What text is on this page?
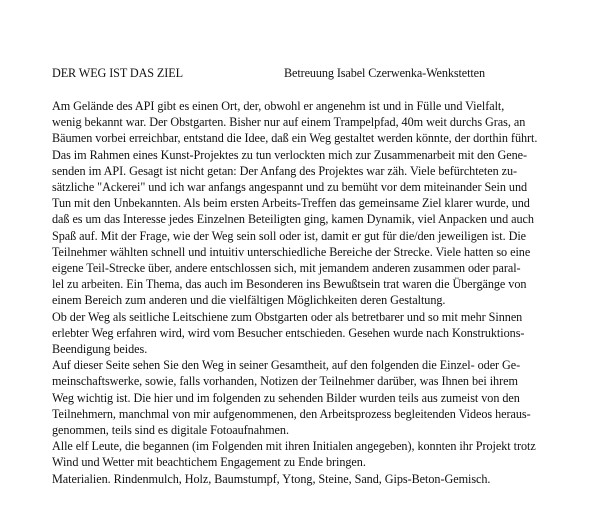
DER WEG IST DAS ZIEL	Betreuung Isabel Czerwenka-Wenkstetten
Am Gelände des API gibt es einen Ort, der, obwohl er angenehm ist und in Fülle und Vielfalt,
wenig bekannt war. Der Obstgarten. Bisher nur auf einem Trampelpfad, 40m weit durchs Gras, an
Bäumen vorbei erreichbar, entstand die Idee, daß ein Weg gestaltet werden könnte, der dorthin führt.
Das im Rahmen eines Kunst-Projektes zu tun verlockten mich zur Zusammenarbeit mit den Gene-
senden im API. Gesagt ist nicht getan: Der Anfang des Projektes war zäh. Viele befürchteten zu-
sätzliche "Ackerei" und ich war anfangs angespannt und zu bemüht vor dem miteinander Sein und
Tun mit den Unbekannten. Als beim ersten Arbeits-Treffen das gemeinsame Ziel klarer wurde, und
daß es um das Interesse jedes Einzelnen Beteiligten ging, kamen Dynamik, viel Anpacken und auch
Spaß auf. Mit der Frage, wie der Weg sein soll oder ist, damit er gut für die/den jeweiligen ist. Die
Teilnehmer wählten schnell und intuitiv unterschiedliche Bereiche der Strecke. Viele hatten so eine
eigene Teil-Strecke über, andere entschlossen sich, mit jemandem anderen zusammen oder paral-
lel zu arbeiten. Ein Thema, das auch im Besonderen ins Bewußtsein trat waren die Übergänge von
einem Bereich zum anderen und die vielfältigen Möglichkeiten deren Gestaltung.
Ob der Weg als seitliche Leitschiene zum Obstgarten oder als betretbarer und so mit mehr Sinnen
erlebter Weg erfahren wird, wird vom Besucher entschieden. Gesehen wurde nach Konstruktions-
Beendigung beides.
Auf dieser Seite sehen Sie den Weg in seiner Gesamtheit, auf den folgenden die Einzel- oder Ge-
meinschaftswerke, sowie, falls vorhanden, Notizen der Teilnehmer darüber, was Ihnen bei ihrem
Weg wichtig ist. Die hier und im folgenden zu sehenden Bilder wurden teils aus zumeist von den
Teilnehmern, manchmal von mir aufgenommenen, den Arbeitsprozess begleitenden Videos heraus-
genommen, teils sind es digitale Fotoaufnahmen.
Alle elf Leute, die begannen (im Folgenden mit ihren Initialen angegeben), konnten ihr Projekt trotz
Wind und Wetter mit beachtichem Engagement zu Ende bringen.
Materialien. Rindenmulch, Holz, Baumstumpf, Ytong, Steine, Sand, Gips-Beton-Gemisch.
